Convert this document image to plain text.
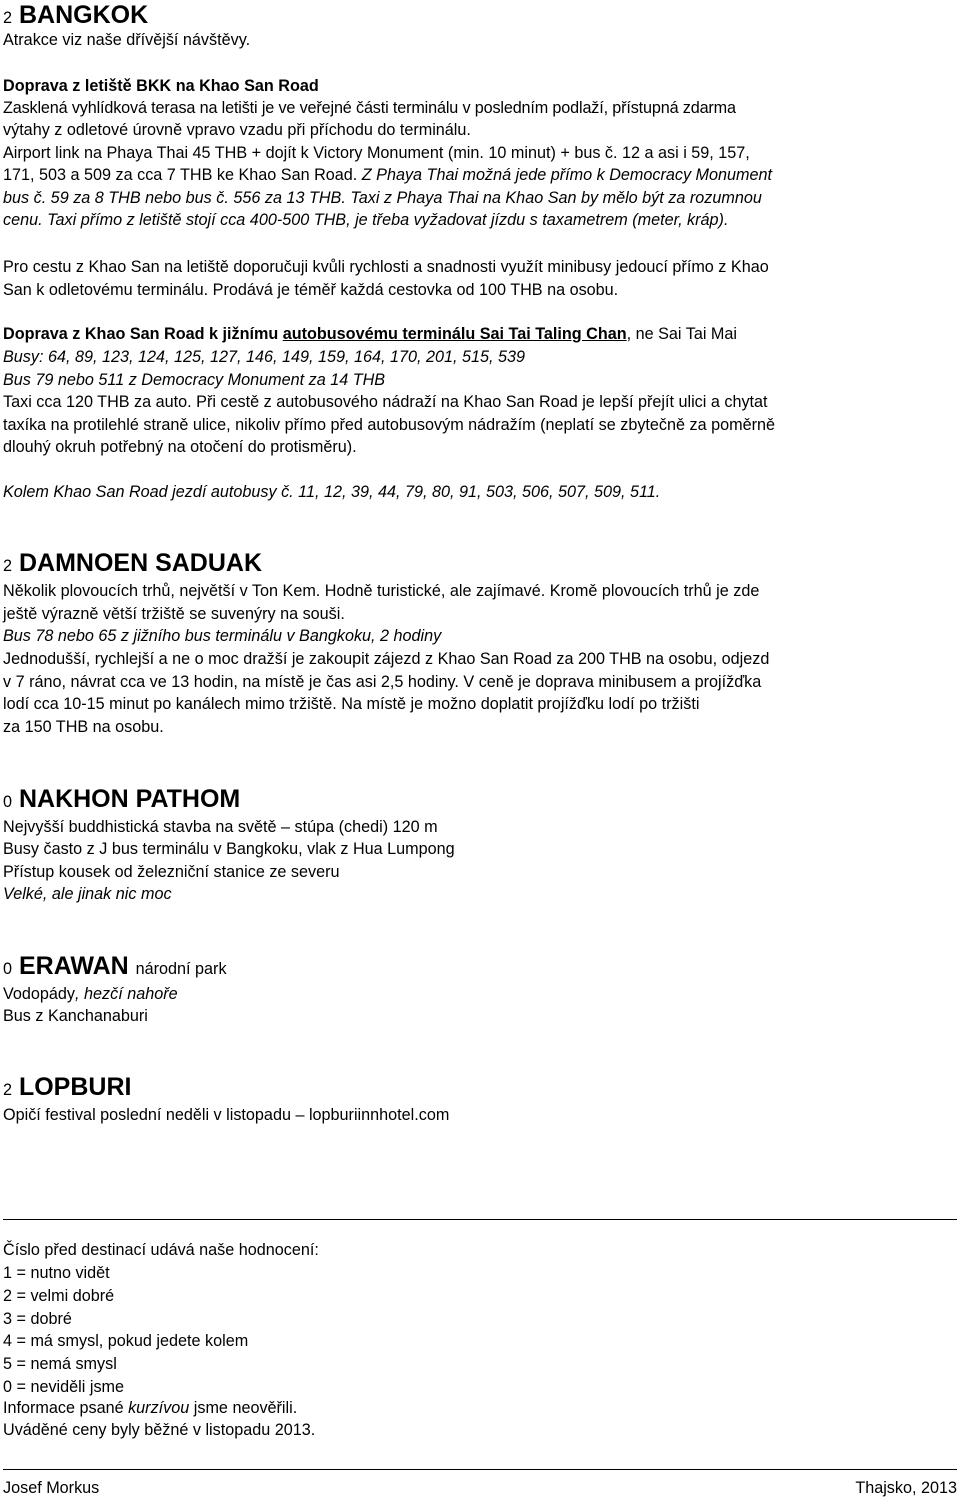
2 BANGKOK

Atrakce viz naše dřívější návštěvy.

Doprava z letiště BKK na Khao San Road

Zasklená vyhlídková terasa na letišti je ve veřejné části terminálu v posledním podlaží, přístupná zdarma

výtahy z odletové úrovně vpravo vzadu při příchodu do terminálu.

Airport link na Phaya Thai 45 THB + dojít k Victory Monument (min. 10 minut) + bus č. 12 a asi i 59, 157,

171, 503 a 509 za cca 7 THB ke Khao San Road. Z Phaya Thai možná jede přímo k Democracy Monument

bus č. 59 za 8 THB nebo bus č. 556 za 13 THB. Taxi z Phaya Thai na Khao San by mělo být za rozumnou

cenu. Taxi přímo z letiště stojí cca 400-500 THB, je třeba vyžadovat jízdu s taxametrem (meter, kráp).

Pro cestu z Khao San na letiště doporučuji kvůli rychlosti a snadnosti využít minibusy jedoucí přímo z Khao

San k odletovému terminálu. Prodává je téměř každá cestovka od 100 THB na osobu.

Doprava z Khao San Road k jižnímu autobusovému terminálu Sai Tai Taling Chan, ne Sai Tai Mai

Busy: 64, 89, 123, 124, 125, 127, 146, 149, 159, 164, 170, 201, 515, 539

Bus 79 nebo 511 z Democracy Monument za 14 THB

Taxi cca 120 THB za auto. Při cestě z autobusového nádraží na Khao San Road je lepší přejít ulici a chytat

taxíka na protilehlé straně ulice, nikoliv přímo před autobusovým nádražím (neplatí se zbytečně za poměrně

dlouhý okruh potřebný na otočení do protisměru).

Kolem Khao San Road jezdí autobusy č. 11, 12, 39, 44, 79, 80, 91, 503, 506, 507, 509, 511.

2 DAMNOEN SADUAK

Několik plovoucích trhů, největší v Ton Kem. Hodně turistické, ale zajímavé. Kromě plovoucích trhů je zde

ještě výrazně větší tržiště se suvenýry na souši.

Bus 78 nebo 65 z jižního bus terminálu v Bangkoku, 2 hodiny

Jednodušší, rychlejší a ne o moc dražší je zakoupit zájezd z Khao San Road za 200 THB na osobu, odjezd

v 7 ráno, návrat cca ve 13 hodin, na místě je čas asi 2,5 hodiny. V ceně je doprava minibusem a projížďka

lodí cca 10-15 minut po kanálech mimo tržiště. Na místě je možno doplatit projížďku lodí po tržišti

za 150 THB na osobu.

0 NAKHON PATHOM

Nejvyšší buddhistická stavba na světě – stúpa (chedi) 120 m

Busy často z J bus terminálu v Bangkoku, vlak z Hua Lumpong

Přístup kousek od železniční stanice ze severu

Velké, ale jinak nic moc

0 ERAWAN národní park

Vodopády, hezčí nahoře

Bus z Kanchanaburi

2 LOPBURI

Opičí festival poslední neděli v listopadu – lopburiinnhotel.com

Číslo před destinací udává naše hodnocení:

1 = nutno vidět

2 = velmi dobré

3 = dobré

4 = má smysl, pokud jedete kolem

5 = nemá smysl

0 = neviděli jsme

Informace psané kurzívou jsme neověřili.

Uváděné ceny byly běžné v listopadu 2013.

Josef Morkus	Thajsko, 2013
